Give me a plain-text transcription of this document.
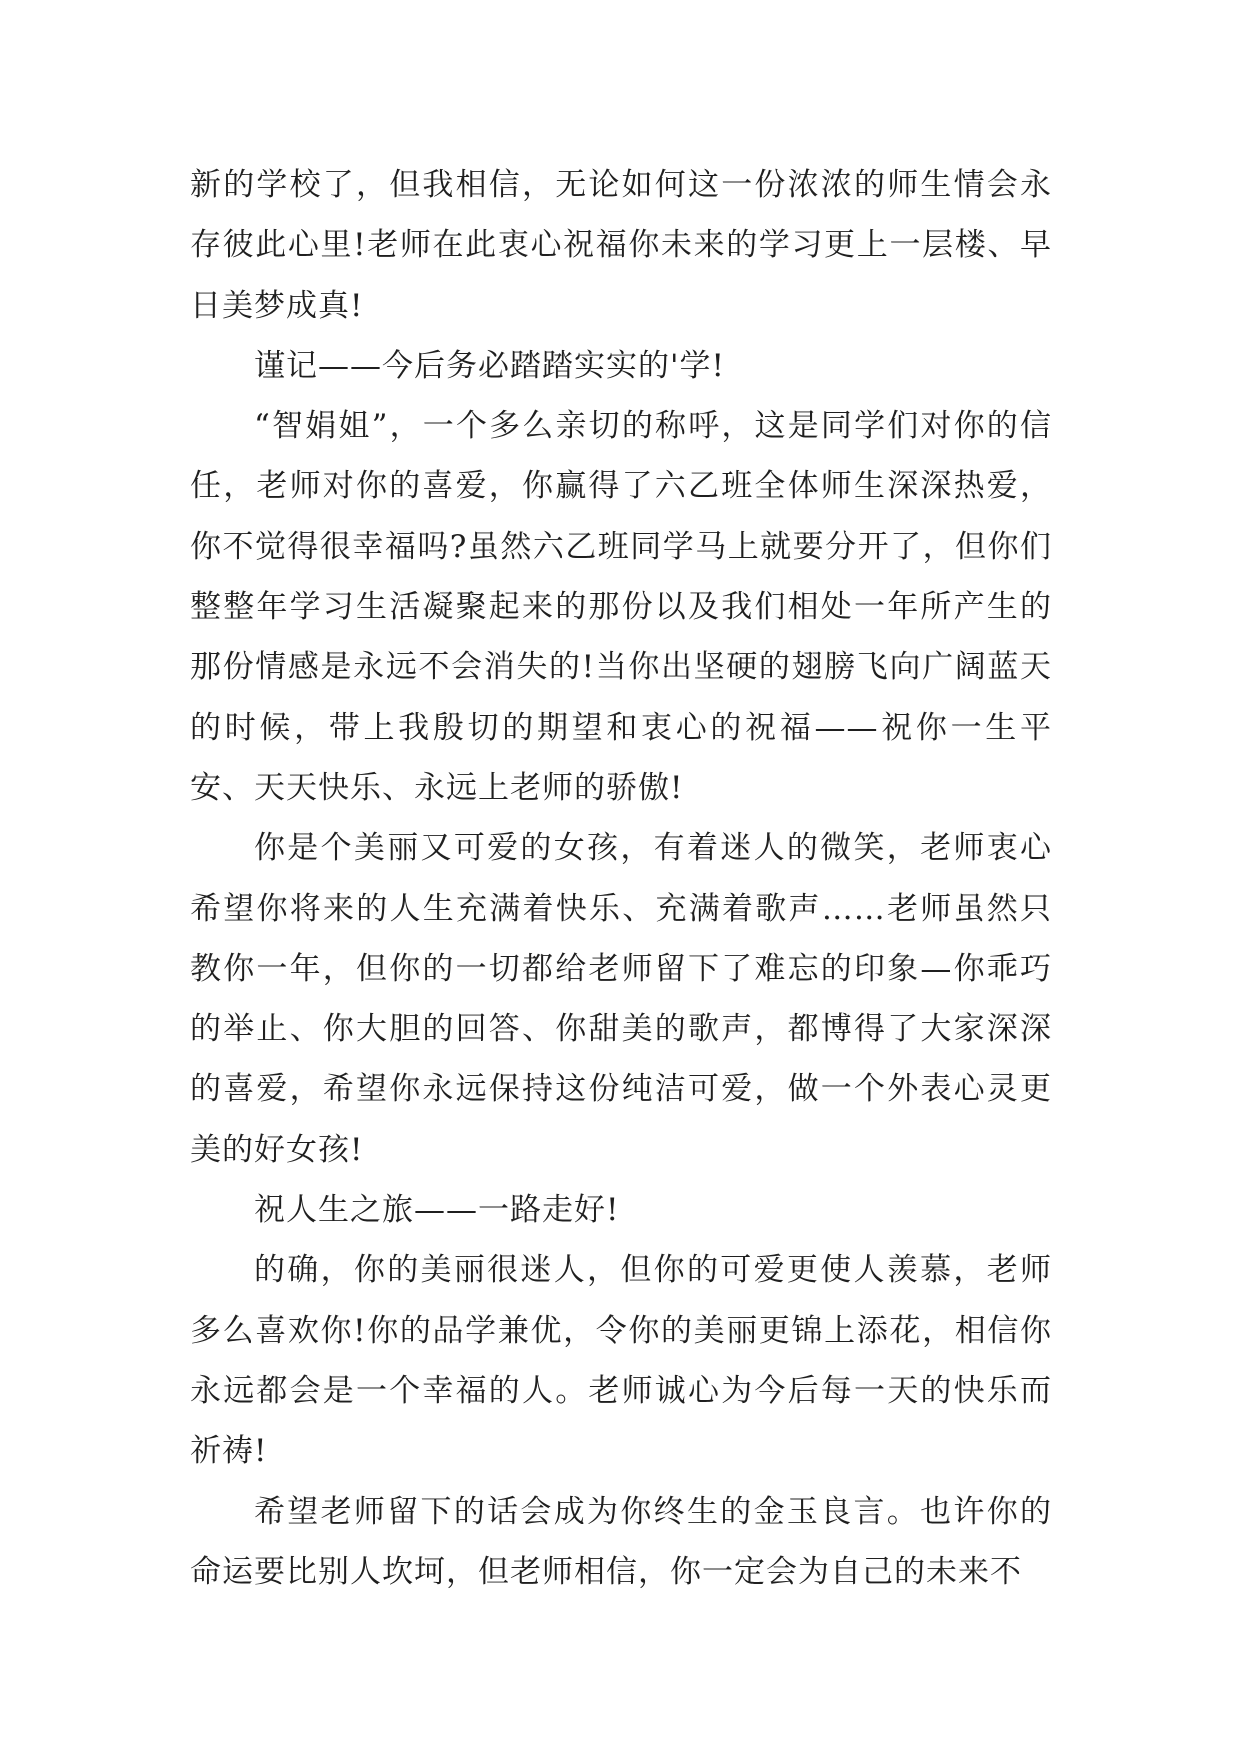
新的学校了，但我相信，无论如何这一份浓浓的师生情会永存彼此心里!老师在此衷心祝福你未来的学习更上一层楼、早日美梦成真!

谨记——今后务必踏踏实实的'学!

“智娟姐”，一个多么亲切的称呼，这是同学们对你的信任，老师对你的喜爱，你赢得了六乙班全体师生深深热爱，你不觉得很幸福吗?虽然六乙班同学马上就要分开了，但你们整整年学习生活凝聚起来的那份以及我们相处一年所产生的那份情感是永远不会消失的!当你出坚硬的翅膀飞向广阔蓝天的时候，带上我殷切的期望和衷心的祝福——祝你一生平安、天天快乐、永远上老师的骄傲!

你是个美丽又可爱的女孩，有着迷人的微笑，老师衷心希望你将来的人生充满着快乐、充满着歌声……老师虽然只教你一年，但你的一切都给老师留下了难忘的印象—你乖巧的举止、你大胆的回答、你甜美的歌声，都博得了大家深深的喜爱，希望你永远保持这份纯洁可爱，做一个外表心灵更美的好女孩!

祝人生之旅——一路走好!

的确，你的美丽很迷人，但你的可爱更使人羡慕，老师多么喜欢你!你的品学兼优，令你的美丽更锦上添花，相信你永远都会是一个幸福的人。老师诚心为今后每一天的快乐而祈祷!

希望老师留下的话会成为你终生的金玉良言。也许你的命运要比别人坎坷，但老师相信，你一定会为自己的未来不
